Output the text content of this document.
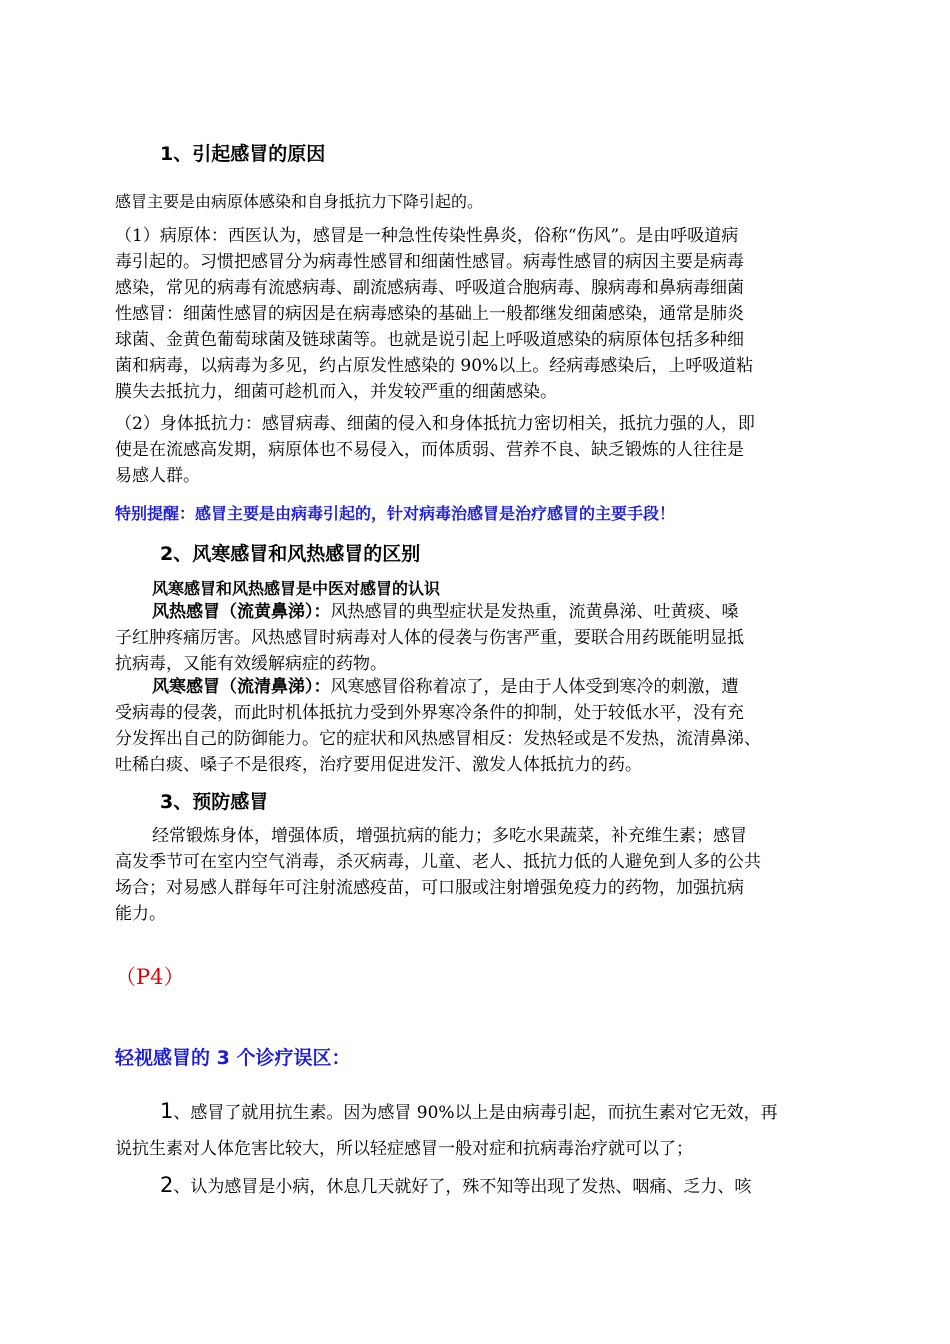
1、引起感冒的原因
感冒主要是由病原体感染和自身抵抗力下降引起的。
（1）病原体：西医认为，感冒是一种急性传染性鼻炎，俗称“伤风”。是由呼吸道病
毒引起的。习惯把感冒分为病毒性感冒和细菌性感冒。病毒性感冒的病因主要是病毒
感染，常见的病毒有流感病毒、副流感病毒、呼吸道合胞病毒、腺病毒和鼻病毒细菌
性感冒：细菌性感冒的病因是在病毒感染的基础上一般都继发细菌感染，通常是肺炎
球菌、金黄色葡萄球菌及链球菌等。也就是说引起上呼吸道感染的病原体包括多种细
菌和病毒，以病毒为多见，约占原发性感染的 90%以上。经病毒感染后，上呼吸道粘
膜失去抵抗力，细菌可趁机而入，并发较严重的细菌感染。
（2）身体抵抗力：感冒病毒、细菌的侵入和身体抵抗力密切相关，抵抗力强的人，即
使是在流感高发期，病原体也不易侵入，而体质弱、营养不良、缺乏锻炼的人往往是
易感人群。
特别提醒：感冒主要是由病毒引起的，针对病毒治感冒是治疗感冒的主要手段！
2、风寒感冒和风热感冒的区别
风寒感冒和风热感冒是中医对感冒的认识
风热感冒（流黄鼻涕）：风热感冒的典型症状是发热重，流黄鼻涕、吐黄痰、嗓
子红肿疼痛厉害。风热感冒时病毒对人体的侵袭与伤害严重，要联合用药既能明显抵
抗病毒，又能有效缓解病症的药物。
风寒感冒（流清鼻涕）：风寒感冒俗称着凉了，是由于人体受到寒冷的刺激，遭
受病毒的侵袭，而此时机体抵抗力受到外界寒冷条件的抑制，处于较低水平，没有充
分发挥出自己的防御能力。它的症状和风热感冒相反：发热轻或是不发热，流清鼻涕、
吐稀白痰、嗓子不是很疼，治疗要用促进发汗、激发人体抵抗力的药。
3、预防感冒
经常锻炼身体，增强体质，增强抗病的能力；多吃水果蔬菜，补充维生素；感冒
高发季节可在室内空气消毒，杀灭病毒，儿童、老人、抵抗力低的人避免到人多的公共
场合；对易感人群每年可注射流感疫苗，可口服或注射增强免疫力的药物，加强抗病
能力。
（P4）
轻视感冒的 3 个诊疗误区：
1、感冒了就用抗生素。因为感冒 90%以上是由病毒引起，而抗生素对它无效，再
说抗生素对人体危害比较大，所以轻症感冒一般对症和抗病毒治疗就可以了；
2、认为感冒是小病，休息几天就好了，殊不知等出现了发热、咽痛、乏力、咳
